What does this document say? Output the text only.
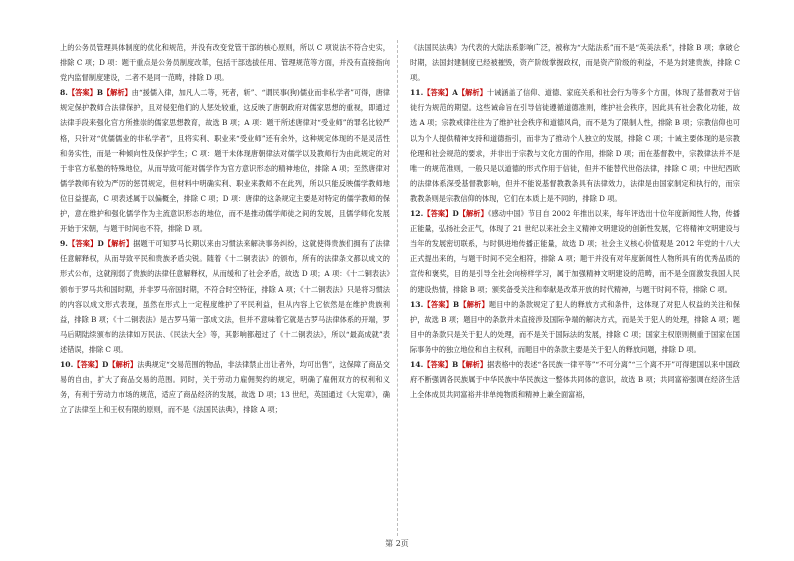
上的公务员管理具体制度的优化和规范，并没有改变党管干部的核心原则，所以 C 项说法不符合史实，排除 C 项；D 项：题干重点是公务员制度改革，包括干部选拔任用、管理规范等方面，并没有直接指向党内监督制度建设，二者不是同一范畴，排除 D 项。

8.【答案】B【解析】由“援儒入律，加凡人二等，死者，斩”、“谓民事(狗)儒业而非私学者”可得，唐律规定保护教师合法律保护，且对侵犯他们的人惩处较重，这反映了唐朝政府对儒家思想的重视，即通过法律手段来强化官方所推崇的儒家思想教育，故选 B 项；A 项：题干所述唐律对“受业师”的罪名比较严格，只针对“优儒儒业的非私学者”，且将实利、职业来“受业师”还有余外，这种规定体现的不是灵活性和务实性，而是一种倾向性及保护学生；C 项：题干未体现唐朝律法对儒学以及教师行为由此规定的对于非官方私塾的特殊地位，从而导致可能对儒学作为官方意识形态的精神地位，排除 A 项；至然唐律对儒学教师有较为严厉的惩罚规定，但材料中明确实利、职业来教师不在此列，所以只能反映儒学教师地位日益提高，C 项表述属于以偏概全，排除 C 项；D 项：唐律的这条规定主要是对特定的儒学教师的保护，意在维护和强化儒学作为主流意识形态的地位，而不是推动儒学师徒之间的发展，且儒学师化发展开始于宋朝，与题干时间也不符，排除 D 项。

9.【答案】D【解析】据题干可知罗马长期以来由习惯法来解决事务纠纷，这就使得贵族们拥有了法律任意解释权，从而导致平民和贵族矛盾尖锐。随着《十二铜表法》的颁布，所有的法律条文都以成文的形式公布，这就削弱了贵族的法律任意解释权，从而缓和了社会矛盾，故选 D 项；A 项：《十二铜表法》颁布于罗马共和国时期，并非罗马帝国时期，不符合时空特征，排除 A 项；《十二铜表法》只是将习惯法的内容以成文形式表现，虽然在形式上一定程度维护了平民利益，但从内容上它依然是在维护贵族利益，排除 B 项；《十二铜表法》是古罗马第一部成文法，但并不意味着它就是古罗马法律体系的开端，罗马后期陆续颁布的法律如万民法、《民法大全》等，其影响都超过了《十二铜表法》，所以“最高成就”表述错误，排除 C 项。

10.【答案】D【解析】法典规定“交易范围的物品，非法律禁止出让者外，均可出售”，这保障了商品交易的自由，扩大了商品交易的范围。同时，关于劳动力雇佣契约的规定，明确了雇佣双方的权利和义务，有利于劳动力市场的规范，适应了商品经济的发展，故选 D 项；13 世纪，英国通过《大宪章》，确立了法律至上和王权有限的原则，而不是《法国民法典》，排除 A 项；

《法国民法典》为代表的大陆法系影响广泛，被称为“大陆法系”而不是“英美法系”，排除 B 项；拿破仑时期，法国封建制度已经被摧毁，资产阶级掌握政权，而是资产阶级的利益，不是为封建贵族，排除 C 项。

11.【答案】A【解析】十诫涵盖了信仰、道德、家庭关系和社会行为等多个方面，体现了基督教对于信徒行为规范的期望。这些诫命旨在引导信徒遵循道德准则，维护社会秩序，因此具有社会教化功能，故选 A 项；宗教戒律往往为了维护社会秩序和道德风尚，而不是为了限制人性，排除 B 项；宗教信仰也可以为个人提供精神支持和道德指引，而非为了推动个人独立的发展，排除 C 项；十诫主要体现的是宗教伦理和社会规范的要求，并非出于宗教与文化方面的作用，排除 D 项；而在基督教中，宗教律法并不是唯一的规范准则，一般只是以道德的形式作用于信徒，但并不能替代世俗法律，排除 C 项；中世纪西欧的法律体系深受基督教影响，但并不能说基督教教条具有法律效力，法律是由国家制定和执行的，而宗教教条则是宗教信仰的体现，它们在本质上是不同的，排除 D 项。

12.【答案】D【解析】《感动中国》节目自 2002 年推出以来，每年评选出十位年度新闻性人物，传播正能量，弘扬社会正气，体现了 21 世纪以来社会主义精神文明建设的创新性发展，它将精神文明建设与当年的发展密切联系，与时俱进地传播正能量，故选 D 项；社会主义核心价值观是 2012 年党的十八大正式提出来的，与题干时间不完全相符，排除 A 项；题干并没有对年度新闻性人物所具有的优秀品质的宣传和褒奖，目的是引导全社会向榜样学习，属于加强精神文明建设的范畴，而不是全面激发我国人民的建设热情，排除 B 项；颁奖备受关注和奉献是改革开放的时代精神，与题干时间不符，排除 C 项。

13.【答案】B【解析】题目中的条款规定了犯人的释放方式和条件，这体现了对犯人权益的关注和保护，故选 B 项；题目中的条款并未直接涉及国际争端的解决方式，而是关于犯人的处理，排除 A 项；题目中的条款只是关于犯人的处理，而不是关于国际法的发展，排除 C 项；国家主权原则侧重于国家在国际事务中的独立地位和自主权利，而题目中的条款主要是关于犯人的释放问题，排除 D 项。

14.【答案】B【解析】据表格中的表述“各民族一律平等”“不可分离”“三个离不开”可得建国以来中国政府不断强调各民族属于中华民族中华民族这一整体共同体的意识，故选 B 项；共同富裕强调在经济生活上全体成员共同富裕并非单纯物质和精神上兼全面富裕，

第 2页
